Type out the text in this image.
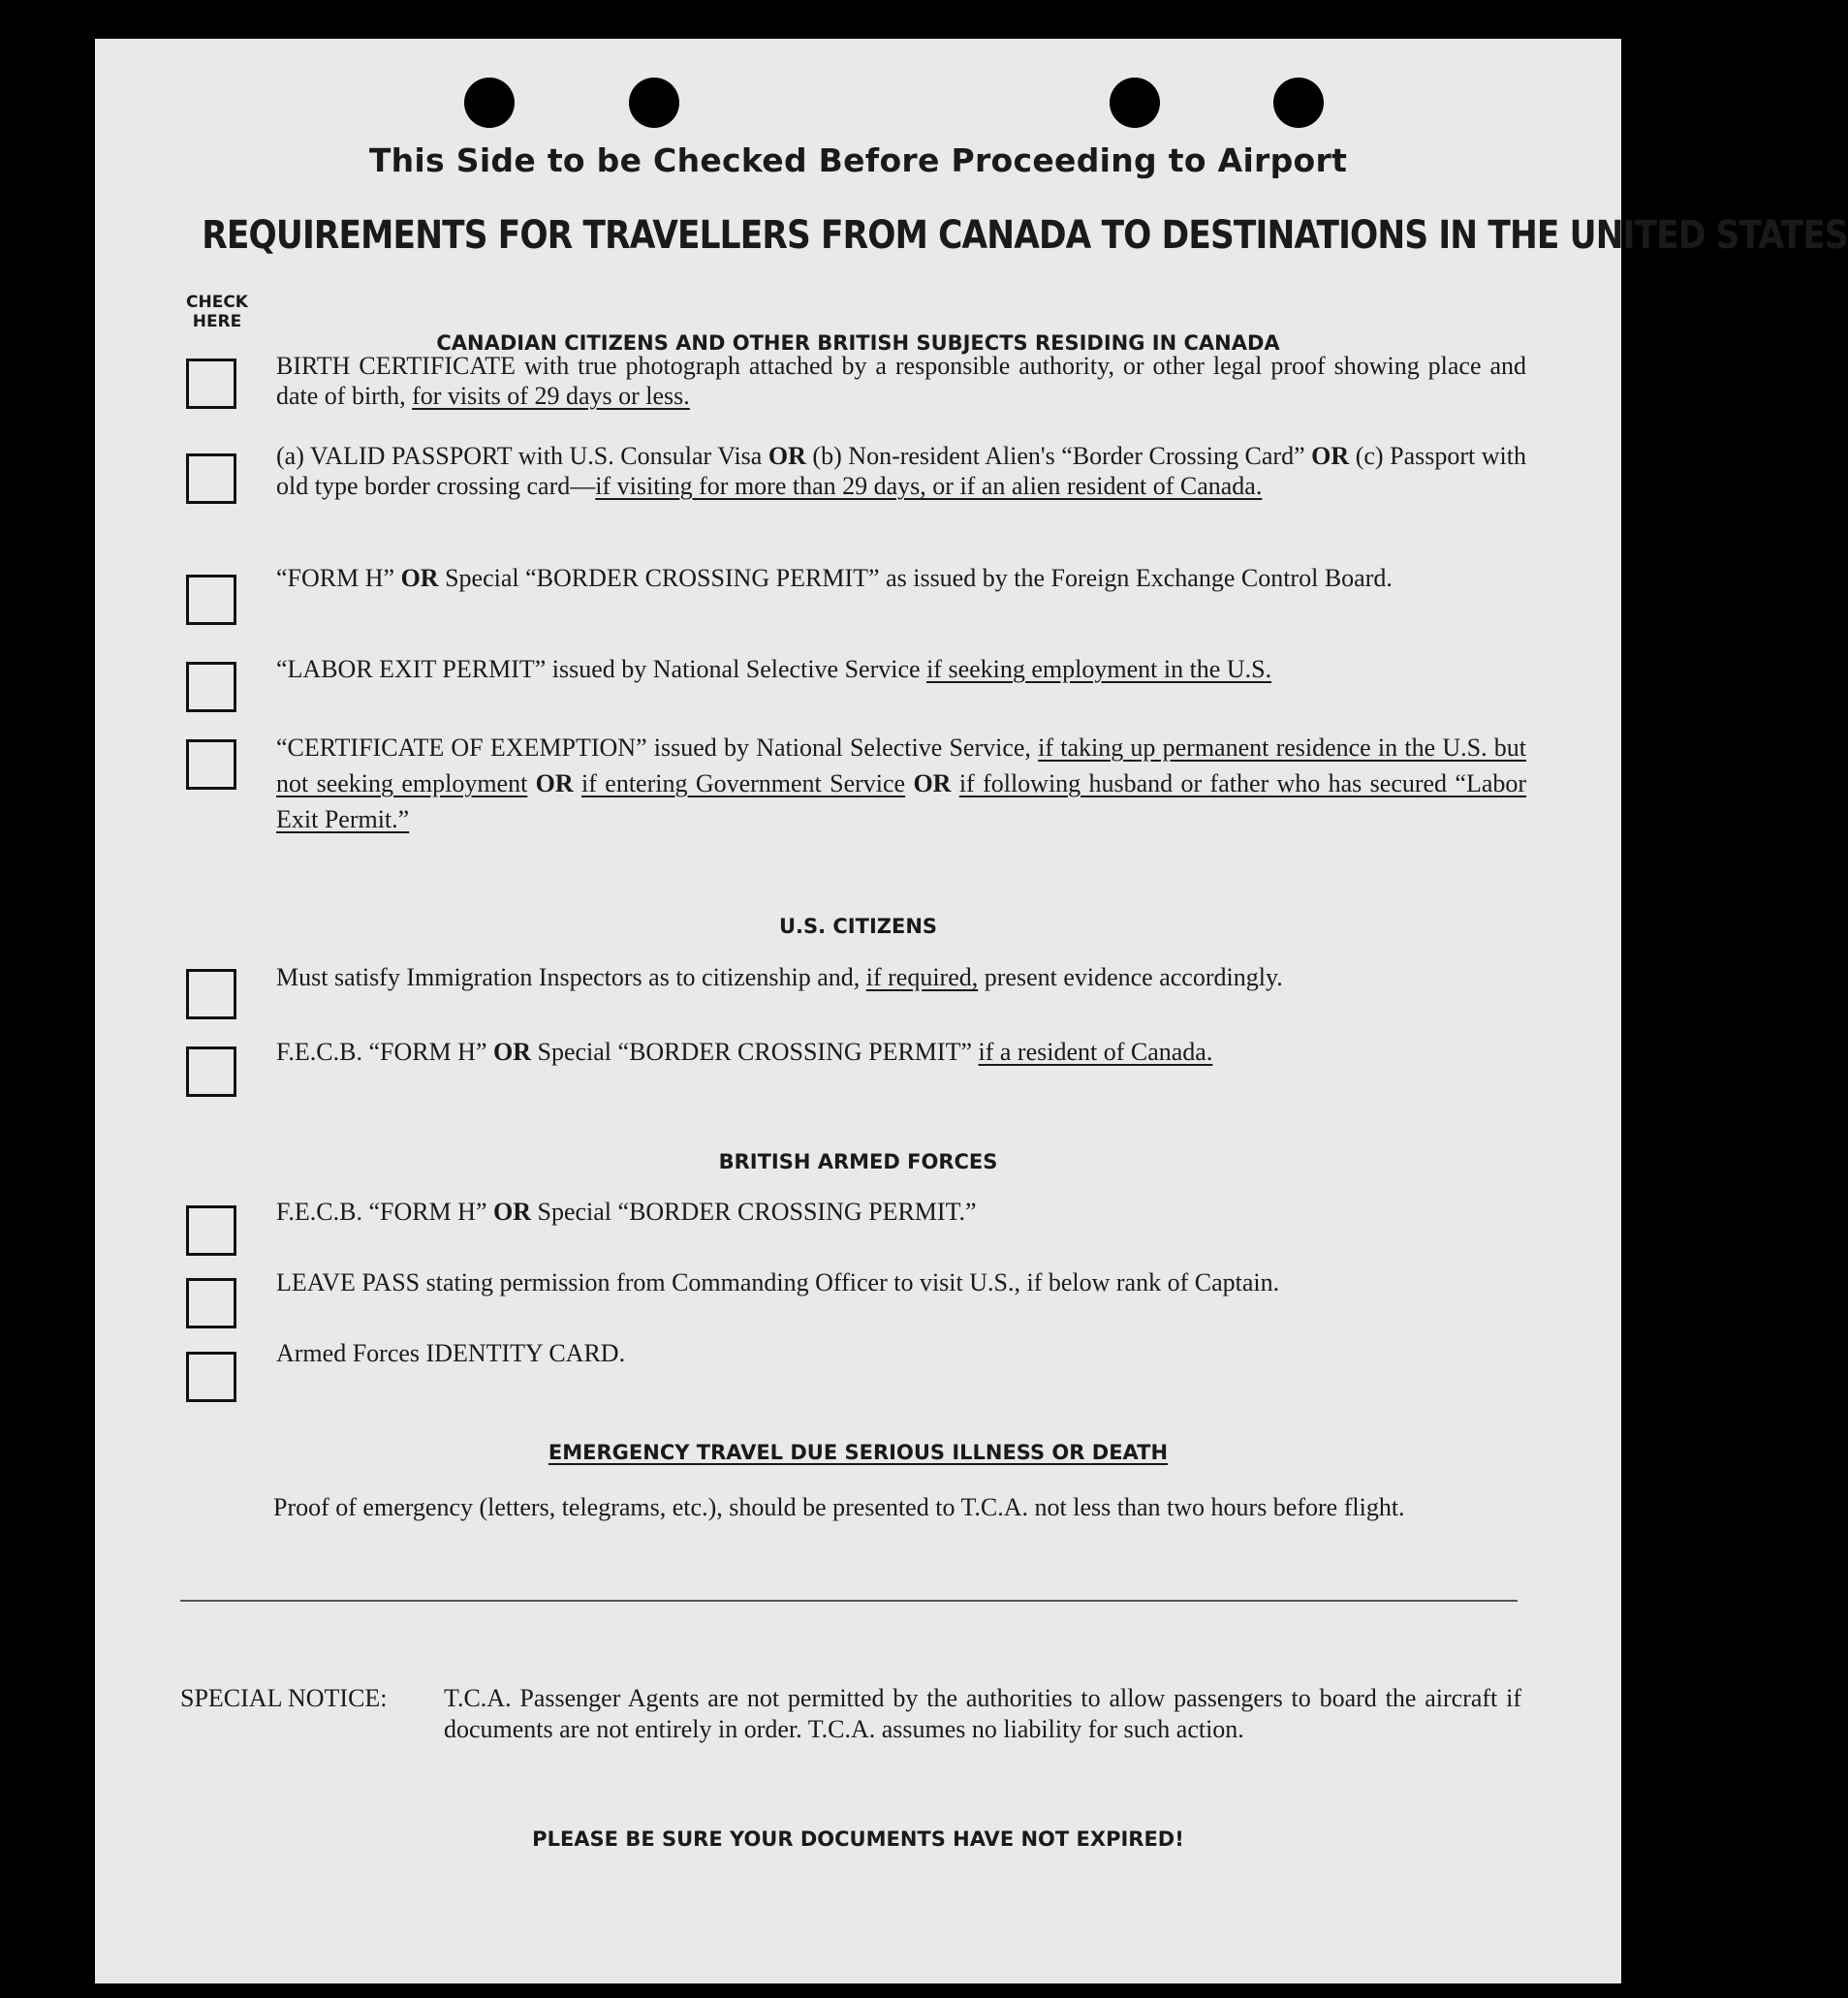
This Side to be Checked Before Proceeding to Airport
REQUIREMENTS FOR TRAVELLERS FROM CANADA TO DESTINATIONS IN THE UNITED STATES
CHECK
HERE
CANADIAN CITIZENS AND OTHER BRITISH SUBJECTS RESIDING IN CANADA
BIRTH CERTIFICATE with true photograph attached by a responsible authority, or other legal proof showing place and date of birth, for visits of 29 days or less.
(a) VALID PASSPORT with U.S. Consular Visa OR (b) Non-resident Alien's “Border Crossing Card” OR (c) Passport with old type border crossing card—if visiting for more than 29 days, or if an alien resident of Canada.
“FORM H” OR Special “BORDER CROSSING PERMIT” as issued by the Foreign Exchange Control Board.
“LABOR EXIT PERMIT” issued by National Selective Service if seeking employment in the U.S.
“CERTIFICATE OF EXEMPTION” issued by National Selective Service, if taking up permanent residence in the U.S. but not seeking employment OR if entering Government Service OR if following husband or father who has secured “Labor Exit Permit.”
U.S. CITIZENS
Must satisfy Immigration Inspectors as to citizenship and, if required, present evidence accordingly.
F.E.C.B. “FORM H” OR Special “BORDER CROSSING PERMIT” if a resident of Canada.
BRITISH ARMED FORCES
F.E.C.B. “FORM H” OR Special “BORDER CROSSING PERMIT.”
LEAVE PASS stating permission from Commanding Officer to visit U.S., if below rank of Captain.
Armed Forces IDENTITY CARD.
EMERGENCY TRAVEL DUE SERIOUS ILLNESS OR DEATH
Proof of emergency (letters, telegrams, etc.), should be presented to T.C.A. not less than two hours before flight.
SPECIAL NOTICE: T.C.A. Passenger Agents are not permitted by the authorities to allow passengers to board the aircraft if documents are not entirely in order. T.C.A. assumes no liability for such action.
PLEASE BE SURE YOUR DOCUMENTS HAVE NOT EXPIRED!
